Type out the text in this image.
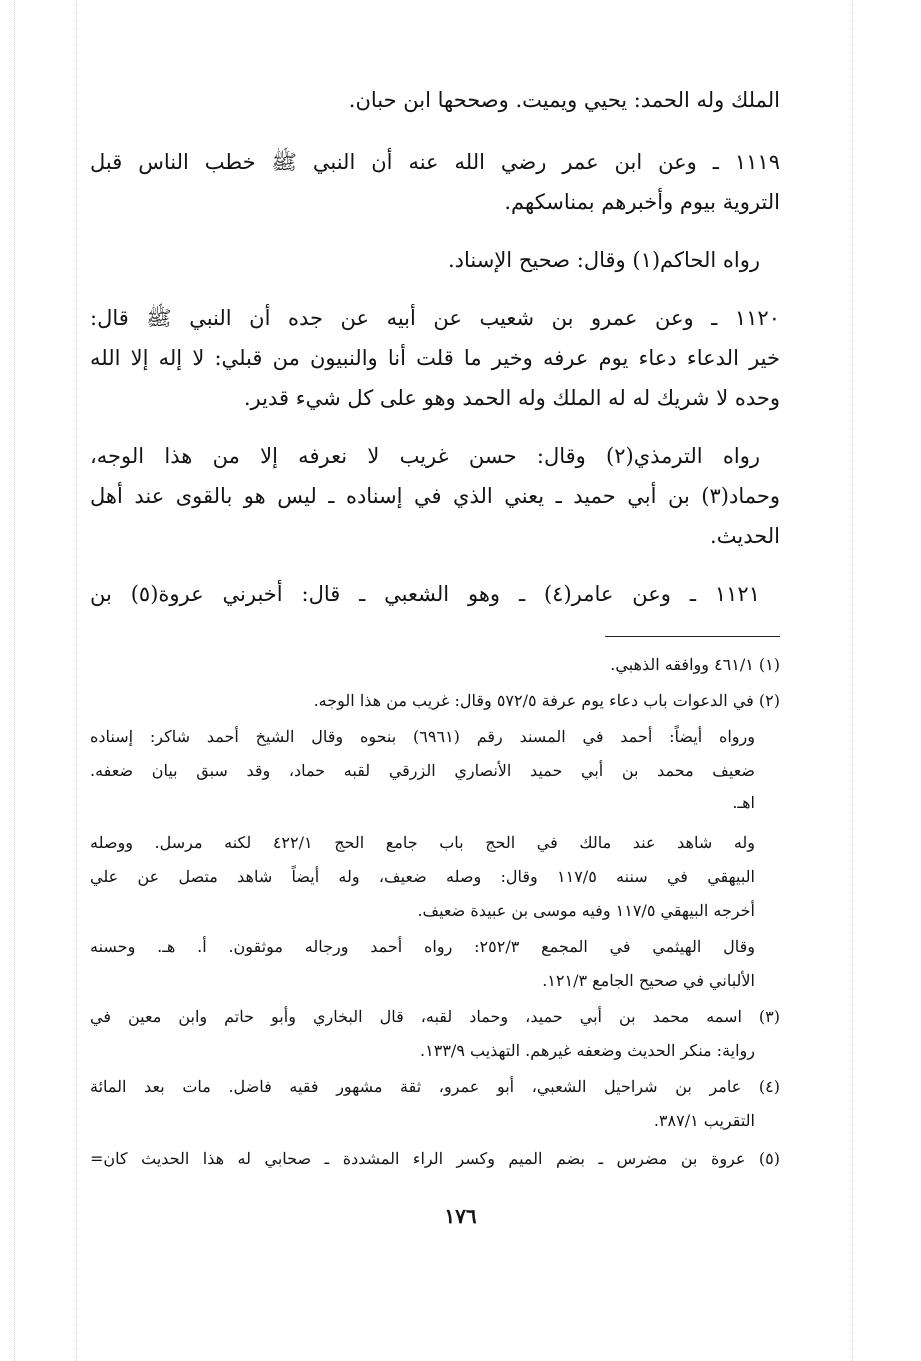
الملك وله الحمد: يحيي ويميت. وصححها ابن حبان.
١١١٩ ـ وعن ابن عمر رضي الله عنه أن النبي ﷺ خطب الناس قبل
التروية بيوم وأخبرهم بمناسكهم.
رواه الحاكم(١) وقال: صحيح الإسناد.
١١٢٠ ـ وعن عمرو بن شعيب عن أبيه عن جده أن النبي ﷺ قال:
خير الدعاء دعاء يوم عرفه وخير ما قلت أنا والنبيون من قبلي: لا إله إلا الله
وحده لا شريك له له الملك وله الحمد وهو على كل شيء قدير.
رواه الترمذي(٢) وقال: حسن غريب لا نعرفه إلا من هذا الوجه،
وحماد(٣) بن أبي حميد ـ يعني الذي في إسناده ـ ليس هو بالقوى عند أهل
الحديث.
١١٢١ ـ وعن عامر(٤) ـ وهو الشعبي ـ قال: أخبرني عروة(٥) بن
(١) ٤٦١/١ ووافقه الذهبي.
(٢) في الدعوات باب دعاء يوم عرفة ٥٧٢/٥ وقال: غريب من هذا الوجه.
ورواه أيضاً: أحمد في المسند رقم (٦٩٦١) بنحوه وقال الشيخ أحمد شاكر: إسناده
ضعيف محمد بن أبي حميد الأنصاري الزرقي لقبه حماد، وقد سبق بيان ضعفه.
اهـ.
وله شاهد عند مالك في الحج باب جامع الحج ٤٢٢/١ لكنه مرسل. ووصله
البيهقي في سننه ١١٧/٥ وقال: وصله ضعيف، وله أيضاً شاهد متصل عن علي
أخرجه البيهقي ١١٧/٥ وفيه موسى بن عبيدة ضعيف.
وقال الهيثمي في المجمع ٢٥٢/٣: رواه أحمد ورجاله موثقون. أ. هـ. وحسنه
الألباني في صحيح الجامع ١٢١/٣.
(٣) اسمه محمد بن أبي حميد، وحماد لقبه، قال البخاري وأبو حاتم وابن معين في
رواية: منكر الحديث وضعفه غيرهم. التهذيب ١٣٣/٩.
(٤) عامر بن شراحيل الشعبي، أبو عمرو، ثقة مشهور فقيه فاضل. مات بعد المائة
التقريب ٣٨٧/١.
(٥) عروة بن مضرس ـ بضم الميم وكسر الراء المشددة ـ صحابي له هذا الحديث كان=
١٧٦
